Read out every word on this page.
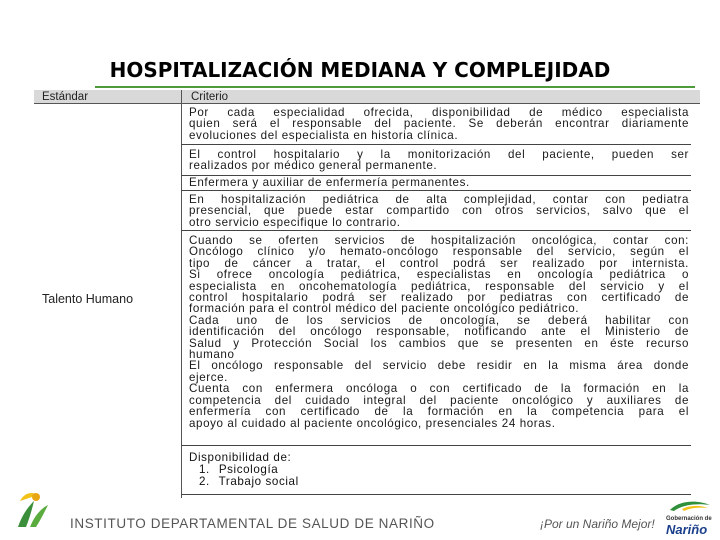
HOSPITALIZACIÓN MEDIANA Y COMPLEJIDAD
Estándar	Criterio
Talento Humano
Por cada especialidad ofrecida, disponibilidad de médico especialista
quien será el responsable del paciente. Se deberán encontrar diariamente
evoluciones del especialista en historia clínica.
El control hospitalario y la monitorización del paciente, pueden ser
realizados por médico general permanente.
Enfermera y auxiliar de enfermería permanentes.
En hospitalización pediátrica de alta complejidad, contar con pediatra
presencial, que puede estar compartido con otros servicios, salvo que el
otro servicio especifique lo contrario.
Cuando se oferten servicios de hospitalización oncológica, contar con:
Oncólogo clínico y/o hemato-oncólogo responsable del servicio, según el
tipo de cáncer a tratar, el control podrá ser realizado por internista.
Si ofrece oncología pediátrica, especialistas en oncología pediátrica o
especialista en oncohematología pediátrica, responsable del servicio y el
control hospitalario podrá ser realizado por pediatras con certificado de
formación para el control médico del paciente oncológico pediátrico.
Cada uno de los servicios de oncología, se deberá habilitar con
identificación del oncólogo responsable, notificando ante el Ministerio de
Salud y Protección Social los cambios que se presenten en éste recurso
humano
El oncólogo responsable del servicio debe residir en la misma área donde
ejerce.
Cuenta con enfermera oncóloga o con certificado de la formación en la
competencia del cuidado integral del paciente oncológico y auxiliares de
enfermería con certificado de la formación en la competencia para el
apoyo al cuidado al paciente oncológico, presenciales 24 horas.
Disponibilidad de:
1. Psicología
2. Trabajo social
INSTITUTO DEPARTAMENTAL DE SALUD DE NARIÑO	¡Por un Nariño Mejor! Gobernación de
Nariño
